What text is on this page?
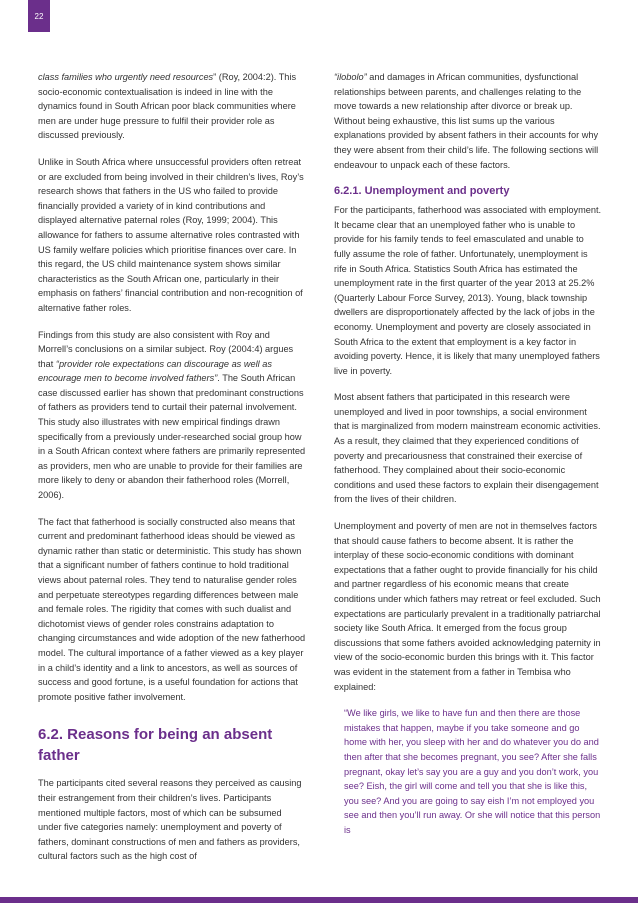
22

class families who urgently need resources” (Roy, 2004:2). This socio-economic contextualisation is indeed in line with the dynamics found in South African poor black communities where men are under huge pressure to fulfil their provider role as discussed previously.

Unlike in South Africa where unsuccessful providers often retreat or are excluded from being involved in their children’s lives, Roy’s research shows that fathers in the US who failed to provide financially provided a variety of in kind contributions and displayed alternative paternal roles (Roy, 1999; 2004). This allowance for fathers to assume alternative roles contrasted with US family welfare policies which prioritise finances over care. In this regard, the US child maintenance system shows similar characteristics as the South African one, particularly in their emphasis on fathers’ financial contribution and non-recognition of alternative father roles.

Findings from this study are also consistent with Roy and Morrell’s conclusions on a similar subject. Roy (2004:4) argues that “provider role expectations can discourage as well as encourage men to become involved fathers”. The South African case discussed earlier has shown that predominant constructions of fathers as providers tend to curtail their paternal involvement. This study also illustrates with new empirical findings drawn specifically from a previously under-researched social group how in a South African context where fathers are primarily represented as providers, men who are unable to provide for their families are more likely to deny or abandon their fatherhood roles (Morrell, 2006).

The fact that fatherhood is socially constructed also means that current and predominant fatherhood ideas should be viewed as dynamic rather than static or deterministic. This study has shown that a significant number of fathers continue to hold traditional views about paternal roles. They tend to naturalise gender roles and perpetuate stereotypes regarding differences between male and female roles. The rigidity that comes with such dualist and dichotomist views of gender roles constrains adaptation to changing circumstances and wide adoption of the new fatherhood model. The cultural importance of a father viewed as a key player in a child’s identity and a link to ancestors, as well as sources of success and good fortune, is a useful foundation for actions that promote positive father involvement.

6.2. Reasons for being an absent father

The participants cited several reasons they perceived as causing their estrangement from their children’s lives. Participants mentioned multiple factors, most of which can be subsumed under five categories namely: unemployment and poverty of fathers, dominant constructions of men and fathers as providers, cultural factors such as the high cost of

“ilobolo” and damages in African communities, dysfunctional relationships between parents, and challenges relating to the move towards a new relationship after divorce or break up. Without being exhaustive, this list sums up the various explanations provided by absent fathers in their accounts for why they were absent from their child’s life. The following sections will endeavour to unpack each of these factors.

6.2.1. Unemployment and poverty

For the participants, fatherhood was associated with employment. It became clear that an unemployed father who is unable to provide for his family tends to feel emasculated and unable to fully assume the role of father. Unfortunately, unemployment is rife in South Africa. Statistics South Africa has estimated the unemployment rate in the first quarter of the year 2013 at 25.2% (Quarterly Labour Force Survey, 2013). Young, black township dwellers are disproportionately affected by the lack of jobs in the economy. Unemployment and poverty are closely associated in South Africa to the extent that employment is a key factor in avoiding poverty. Hence, it is likely that many unemployed fathers live in poverty.

Most absent fathers that participated in this research were unemployed and lived in poor townships, a social environment that is marginalized from modern mainstream economic activities. As a result, they claimed that they experienced conditions of poverty and precariousness that constrained their exercise of fatherhood. They complained about their socio-economic conditions and used these factors to explain their disengagement from the lives of their children.

Unemployment and poverty of men are not in themselves factors that should cause fathers to become absent. It is rather the interplay of these socio-economic conditions with dominant expectations that a father ought to provide financially for his child and partner regardless of his economic means that create conditions under which fathers may retreat or feel excluded. Such expectations are particularly prevalent in a traditionally patriarchal society like South Africa. It emerged from the focus group discussions that some fathers avoided acknowledging paternity in view of the socio-economic burden this brings with it. This factor was evident in the statement from a father in Tembisa who explained:

“We like girls, we like to have fun and then there are those mistakes that happen, maybe if you take someone and go home with her, you sleep with her and do whatever you do and then after that she becomes pregnant, you see? After she falls pregnant, okay let’s say you are a guy and you don’t work, you see? Eish, the girl will come and tell you that she is like this, you see? And you are going to say eish I’m not employed you see and then you’ll run away. Or she will notice that this person is
